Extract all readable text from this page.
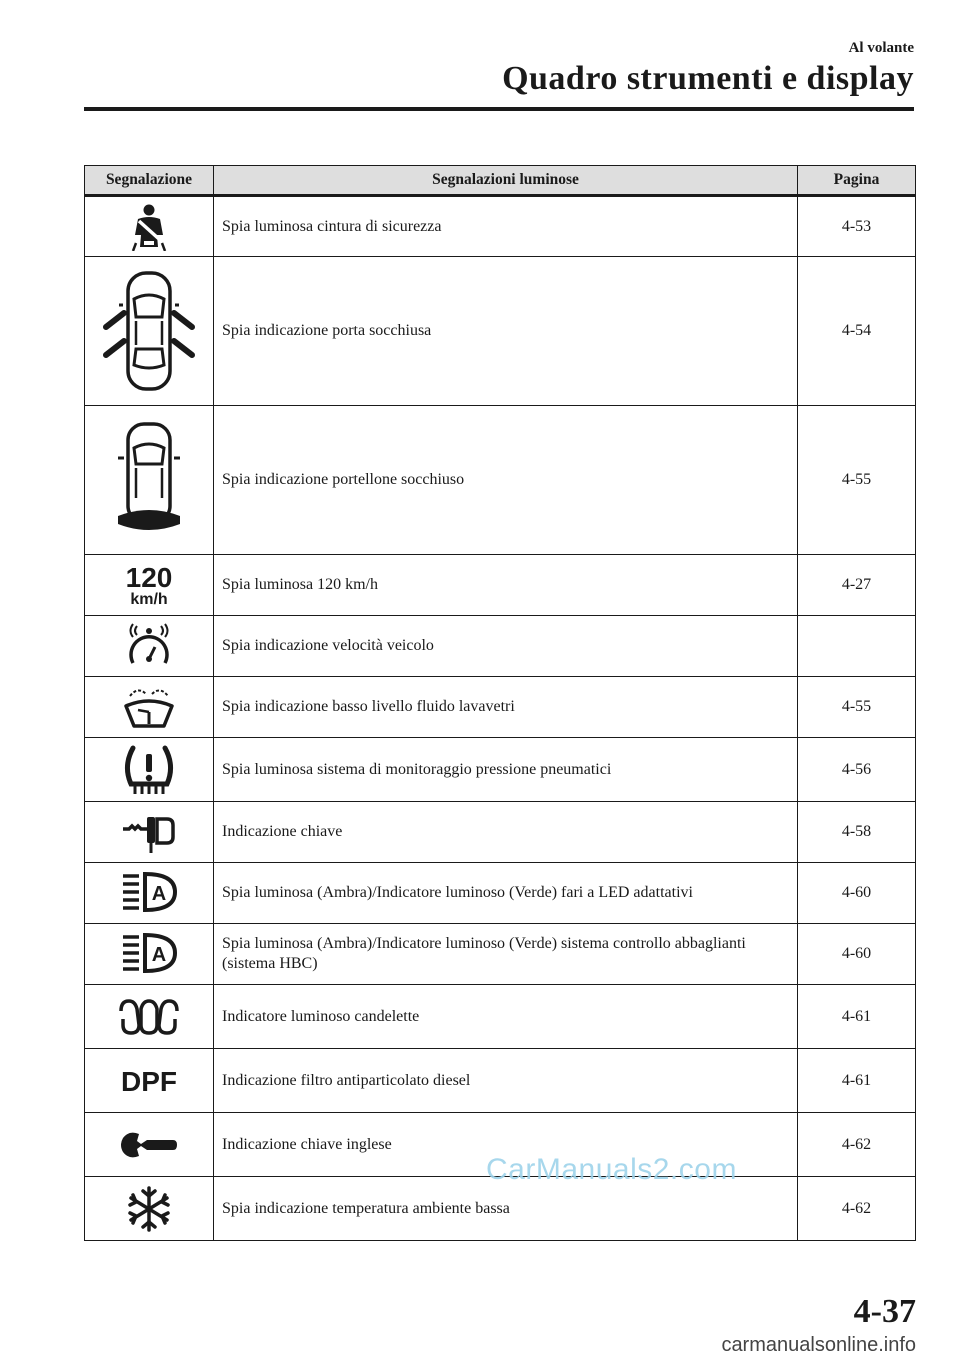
Al volante
Quadro strumenti e display
Segnalazione	Segnalazioni luminose	Pagina

	Spia luminosa cintura di sicurezza	4-53

	Spia indicazione porta socchiusa	4-54

	Spia indicazione portellone socchiuso	4-55

120
km/h	Spia luminosa 120 km/h	4-27

	Spia indicazione velocità veicolo	

	Spia indicazione basso livello fluido lavavetri	4-55

	Spia luminosa sistema di monitoraggio pressione pneumatici	4-56

	Indicazione chiave	4-58

A	Spia luminosa (Ambra)/Indicatore luminoso (Verde) fari a LED adattativi	4-60

A	Spia luminosa (Ambra)/Indicatore luminoso (Verde) sistema controllo abbaglianti (sistema HBC)	4-60

	Indicatore luminoso candelette	4-61

DPF	Indicazione filtro antiparticolato diesel	4-61

	Indicazione chiave inglese	4-62

	Spia indicazione temperatura ambiente bassa	4-62
CarManuals2.com
4-37
carmanualsonline.info
